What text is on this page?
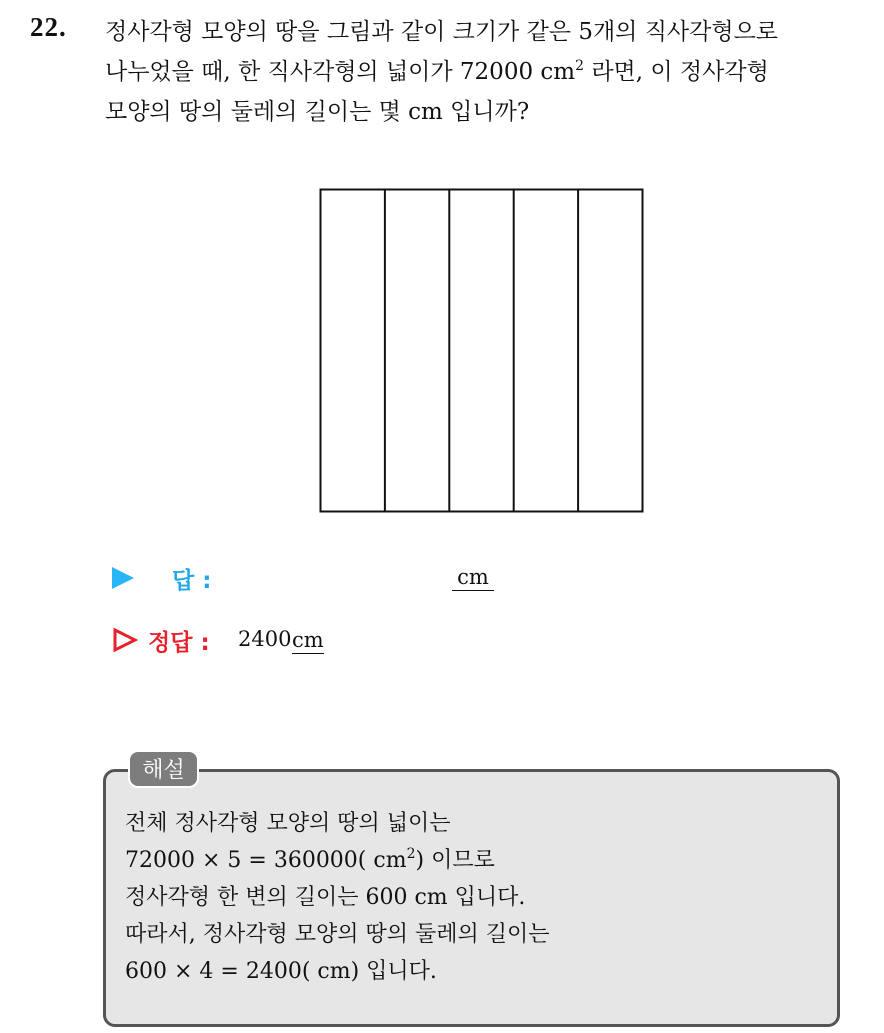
22. 정사각형 모양의 땅을 그림과 같이 크기가 같은 5개의 직사각형으로
나누었을 때, 한 직사각형의 넓이가 72000 $cm^2$ 라면, 이 정사각형
모양의 땅의 둘레의 길이는 몇 cm 입니까?
답 :	cm
정답 : 2400 cm
해설
전체 정사각형 모양의 땅의 넓이는
72000 × 5 = 360000( $cm^2$) 이므로
정사각형 한 변의 길이는 600 cm 입니다.
따라서, 정사각형 모양의 땅의 둘레의 길이는
600 × 4 = 2400( cm) 입니다.
